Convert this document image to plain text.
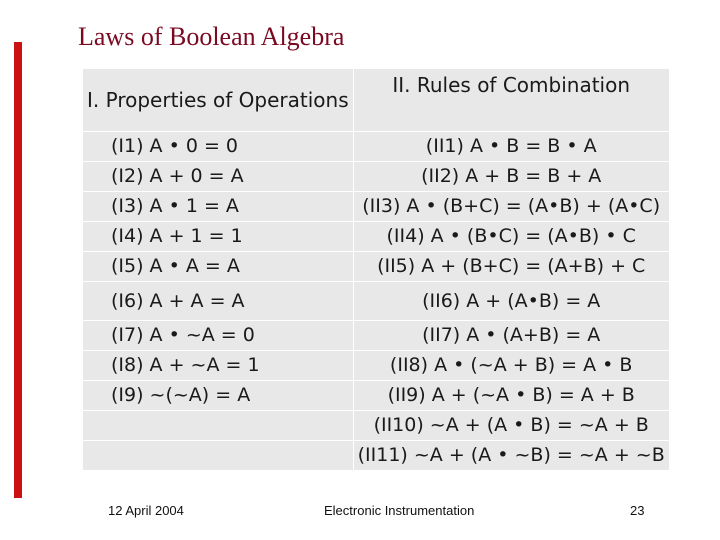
Laws of Boolean Algebra
I. Properties of Operations	II. Rules of Combination
(I1) A • 0 = 0	(II1) A • B = B • A
(I2) A + 0 = A	(II2) A + B = B + A
(I3) A • 1 = A	(II3) A • (B+C) = (A•B) + (A•C)
(I4) A + 1 = 1	(II4) A • (B•C) = (A•B) • C
(I5) A • A = A	(II5) A + (B+C) = (A+B) + C
(I6) A + A = A	(II6) A + (A•B) = A
(I7) A • ~A = 0	(II7) A • (A+B) = A
(I8) A + ~A = 1	(II8) A • (~A + B) = A • B
(I9) ~(~A) = A	(II9) A + (~A • B) = A + B
	(II10) ~A + (A • B) = ~A + B
	(II11) ~A + (A • ~B) = ~A + ~B
12 April 2004	Electronic Instrumentation	23
